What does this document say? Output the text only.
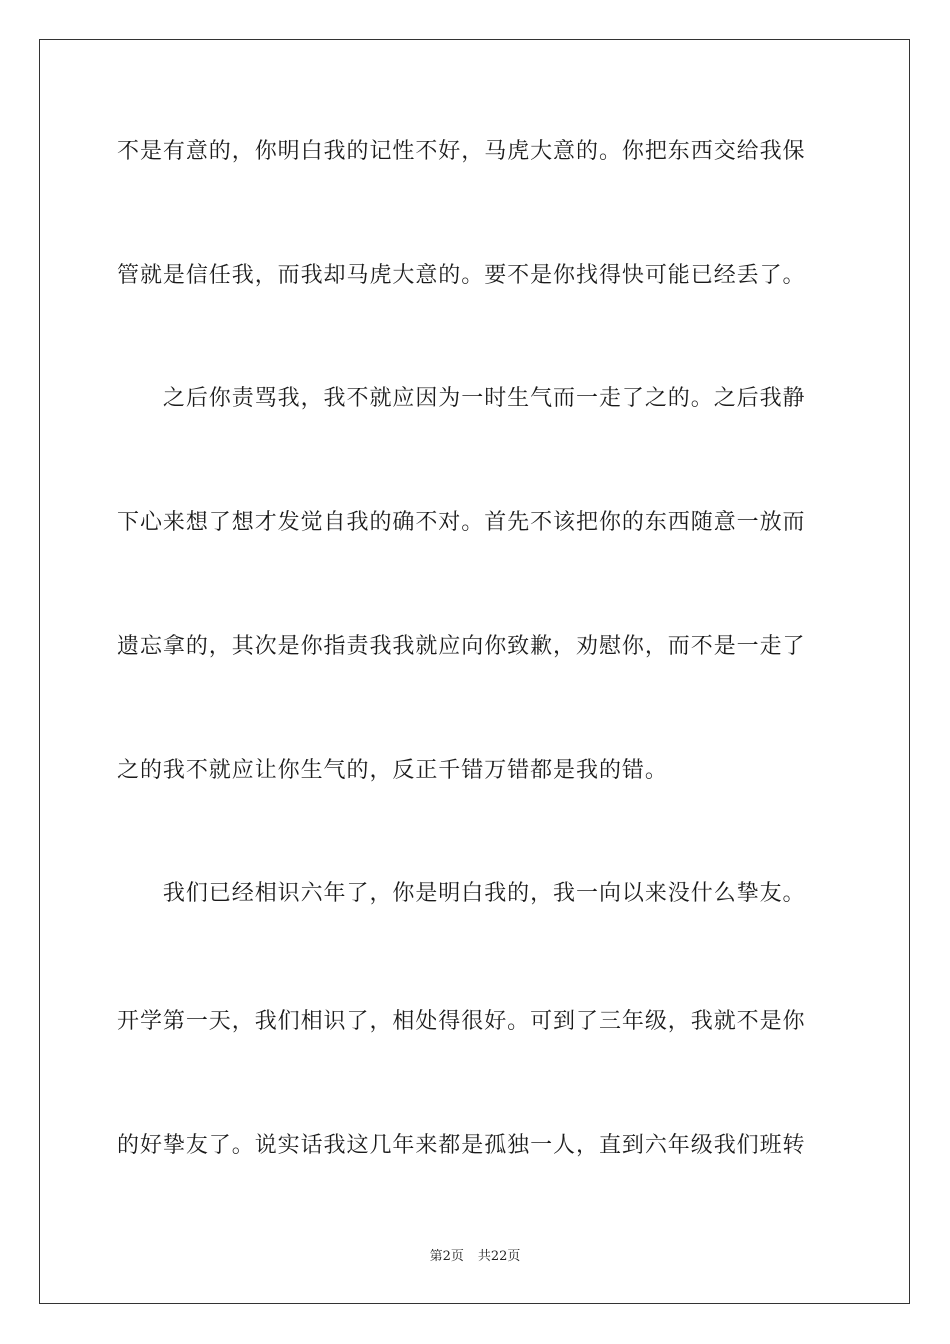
不是有意的，你明白我的记性不好，马虎大意的。你把东西交给我保
管就是信任我，而我却马虎大意的。要不是你找得快可能已经丢了。
　　之后你责骂我，我不就应因为一时生气而一走了之的。之后我静
下心来想了想才发觉自我的确不对。首先不该把你的东西随意一放而
遗忘拿的，其次是你指责我我就应向你致歉，劝慰你，而不是一走了
之的我不就应让你生气的，反正千错万错都是我的错。
　　我们已经相识六年了，你是明白我的，我一向以来没什么挚友。
开学第一天，我们相识了，相处得很好。可到了三年级，我就不是你
的好挚友了。说实话我这几年来都是孤独一人，直到六年级我们班转
第2页 共22页
